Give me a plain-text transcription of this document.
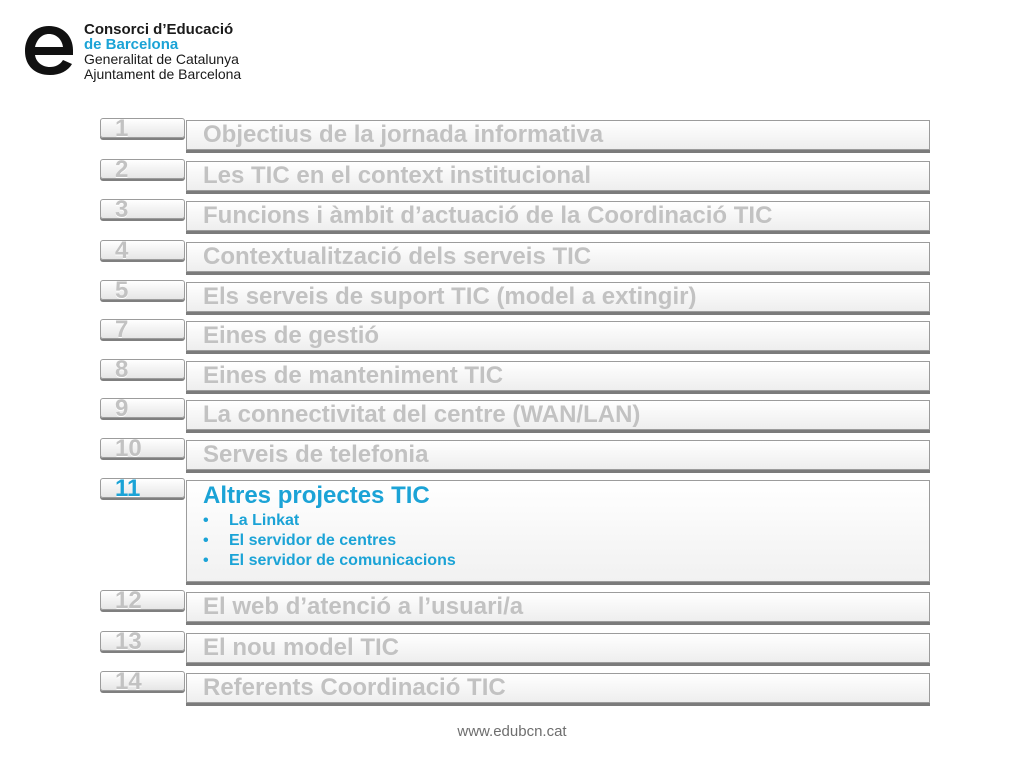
Consorci d’Educació
de Barcelona
Generalitat de Catalunya
Ajuntament de Barcelona
1	Objectius de la jornada informativa
2	Les TIC en el context institucional
3	Funcions i àmbit d’actuació de la Coordinació TIC
4	Contextualització dels serveis TIC
5	Els serveis de suport TIC (model a extingir)
7	Eines de gestió
8	Eines de manteniment TIC
9	La connectivitat del centre (WAN/LAN)
10	Serveis de telefonia
11	Altres projectes TIC
• La Linkat
• El servidor de centres
• El servidor de comunicacions
12	El web d’atenció a l’usuari/a
13	El nou model TIC
14	Referents Coordinació TIC
www.edubcn.cat
